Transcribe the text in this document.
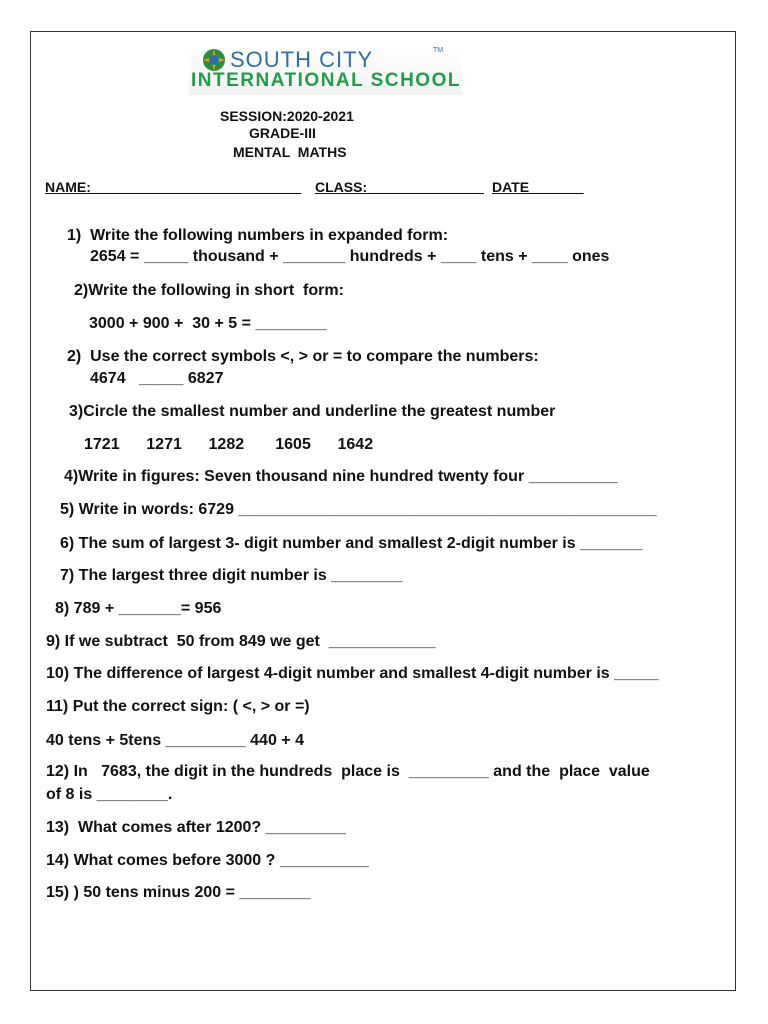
SOUTH CITY	TM
INTERNATIONAL SCHOOL
SESSION:2020-2021
GRADE-III
MENTAL  MATHS
NAME:___________________________ CLASS:_______________ DATE_______
1)  Write the following numbers in expanded form:
2654 = _____ thousand + _______ hundreds + ____ tens + ____ ones
2)Write the following in short  form:
3000 + 900 +  30 + 5 = ________
2)  Use the correct symbols <, > or = to compare the numbers:
4674   _____ 6827
3)Circle the smallest number and underline the greatest number
1721      1271      1282       1605      1642
4)Write in figures: Seven thousand nine hundred twenty four __________
5) Write in words: 6729 _______________________________________________
6) The sum of largest 3- digit number and smallest 2-digit number is _______
7) The largest three digit number is ________
8) 789 + _______= 956
9) If we subtract  50 from 849 we get  ____________
10) The difference of largest 4-digit number and smallest 4-digit number is _____
11) Put the correct sign: ( <, > or =)
40 tens + 5tens _________ 440 + 4
12) In   7683, the digit in the hundreds  place is  _________ and the  place  value
of 8 is ________.
13)  What comes after 1200? _________
14) What comes before 3000 ? __________
15) ) 50 tens minus 200 = ________
